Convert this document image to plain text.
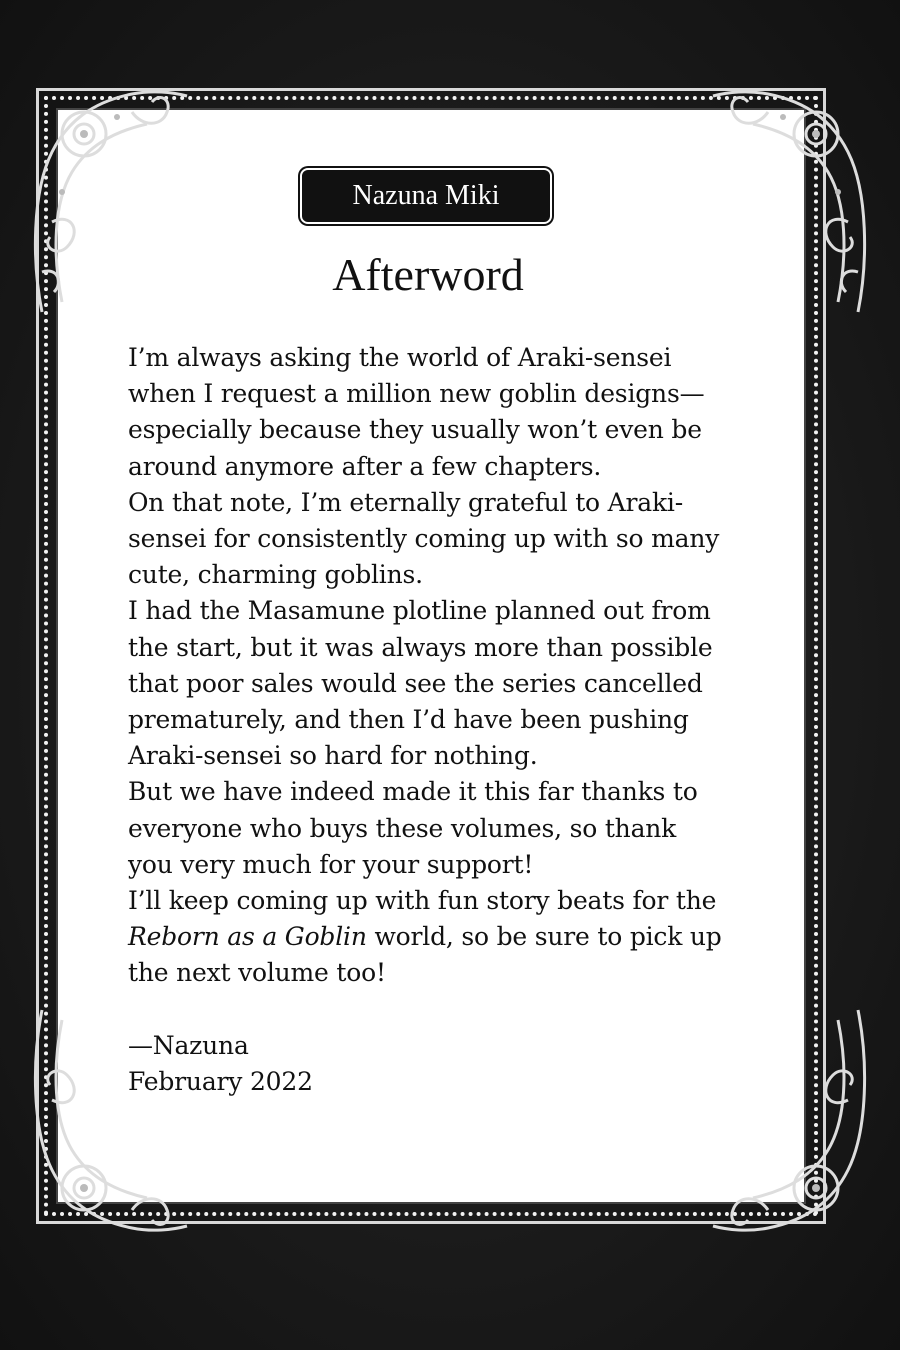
Nazuna Miki
Afterword

I’m always asking the world of Araki-sensei when I request a million new goblin designs—especially because they usually won’t even be around anymore after a few chapters.

On that note, I’m eternally grateful to Araki-sensei for consistently coming up with so many cute, charming goblins.

I had the Masamune plotline planned out from the start, but it was always more than possible that poor sales would see the series cancelled prematurely, and then I’d have been pushing Araki-sensei so hard for nothing.

But we have indeed made it this far thanks to everyone who buys these volumes, so thank you very much for your support!

I’ll keep coming up with fun story beats for the Reborn as a Goblin world, so be sure to pick up the next volume too!

—Nazuna

February 2022
